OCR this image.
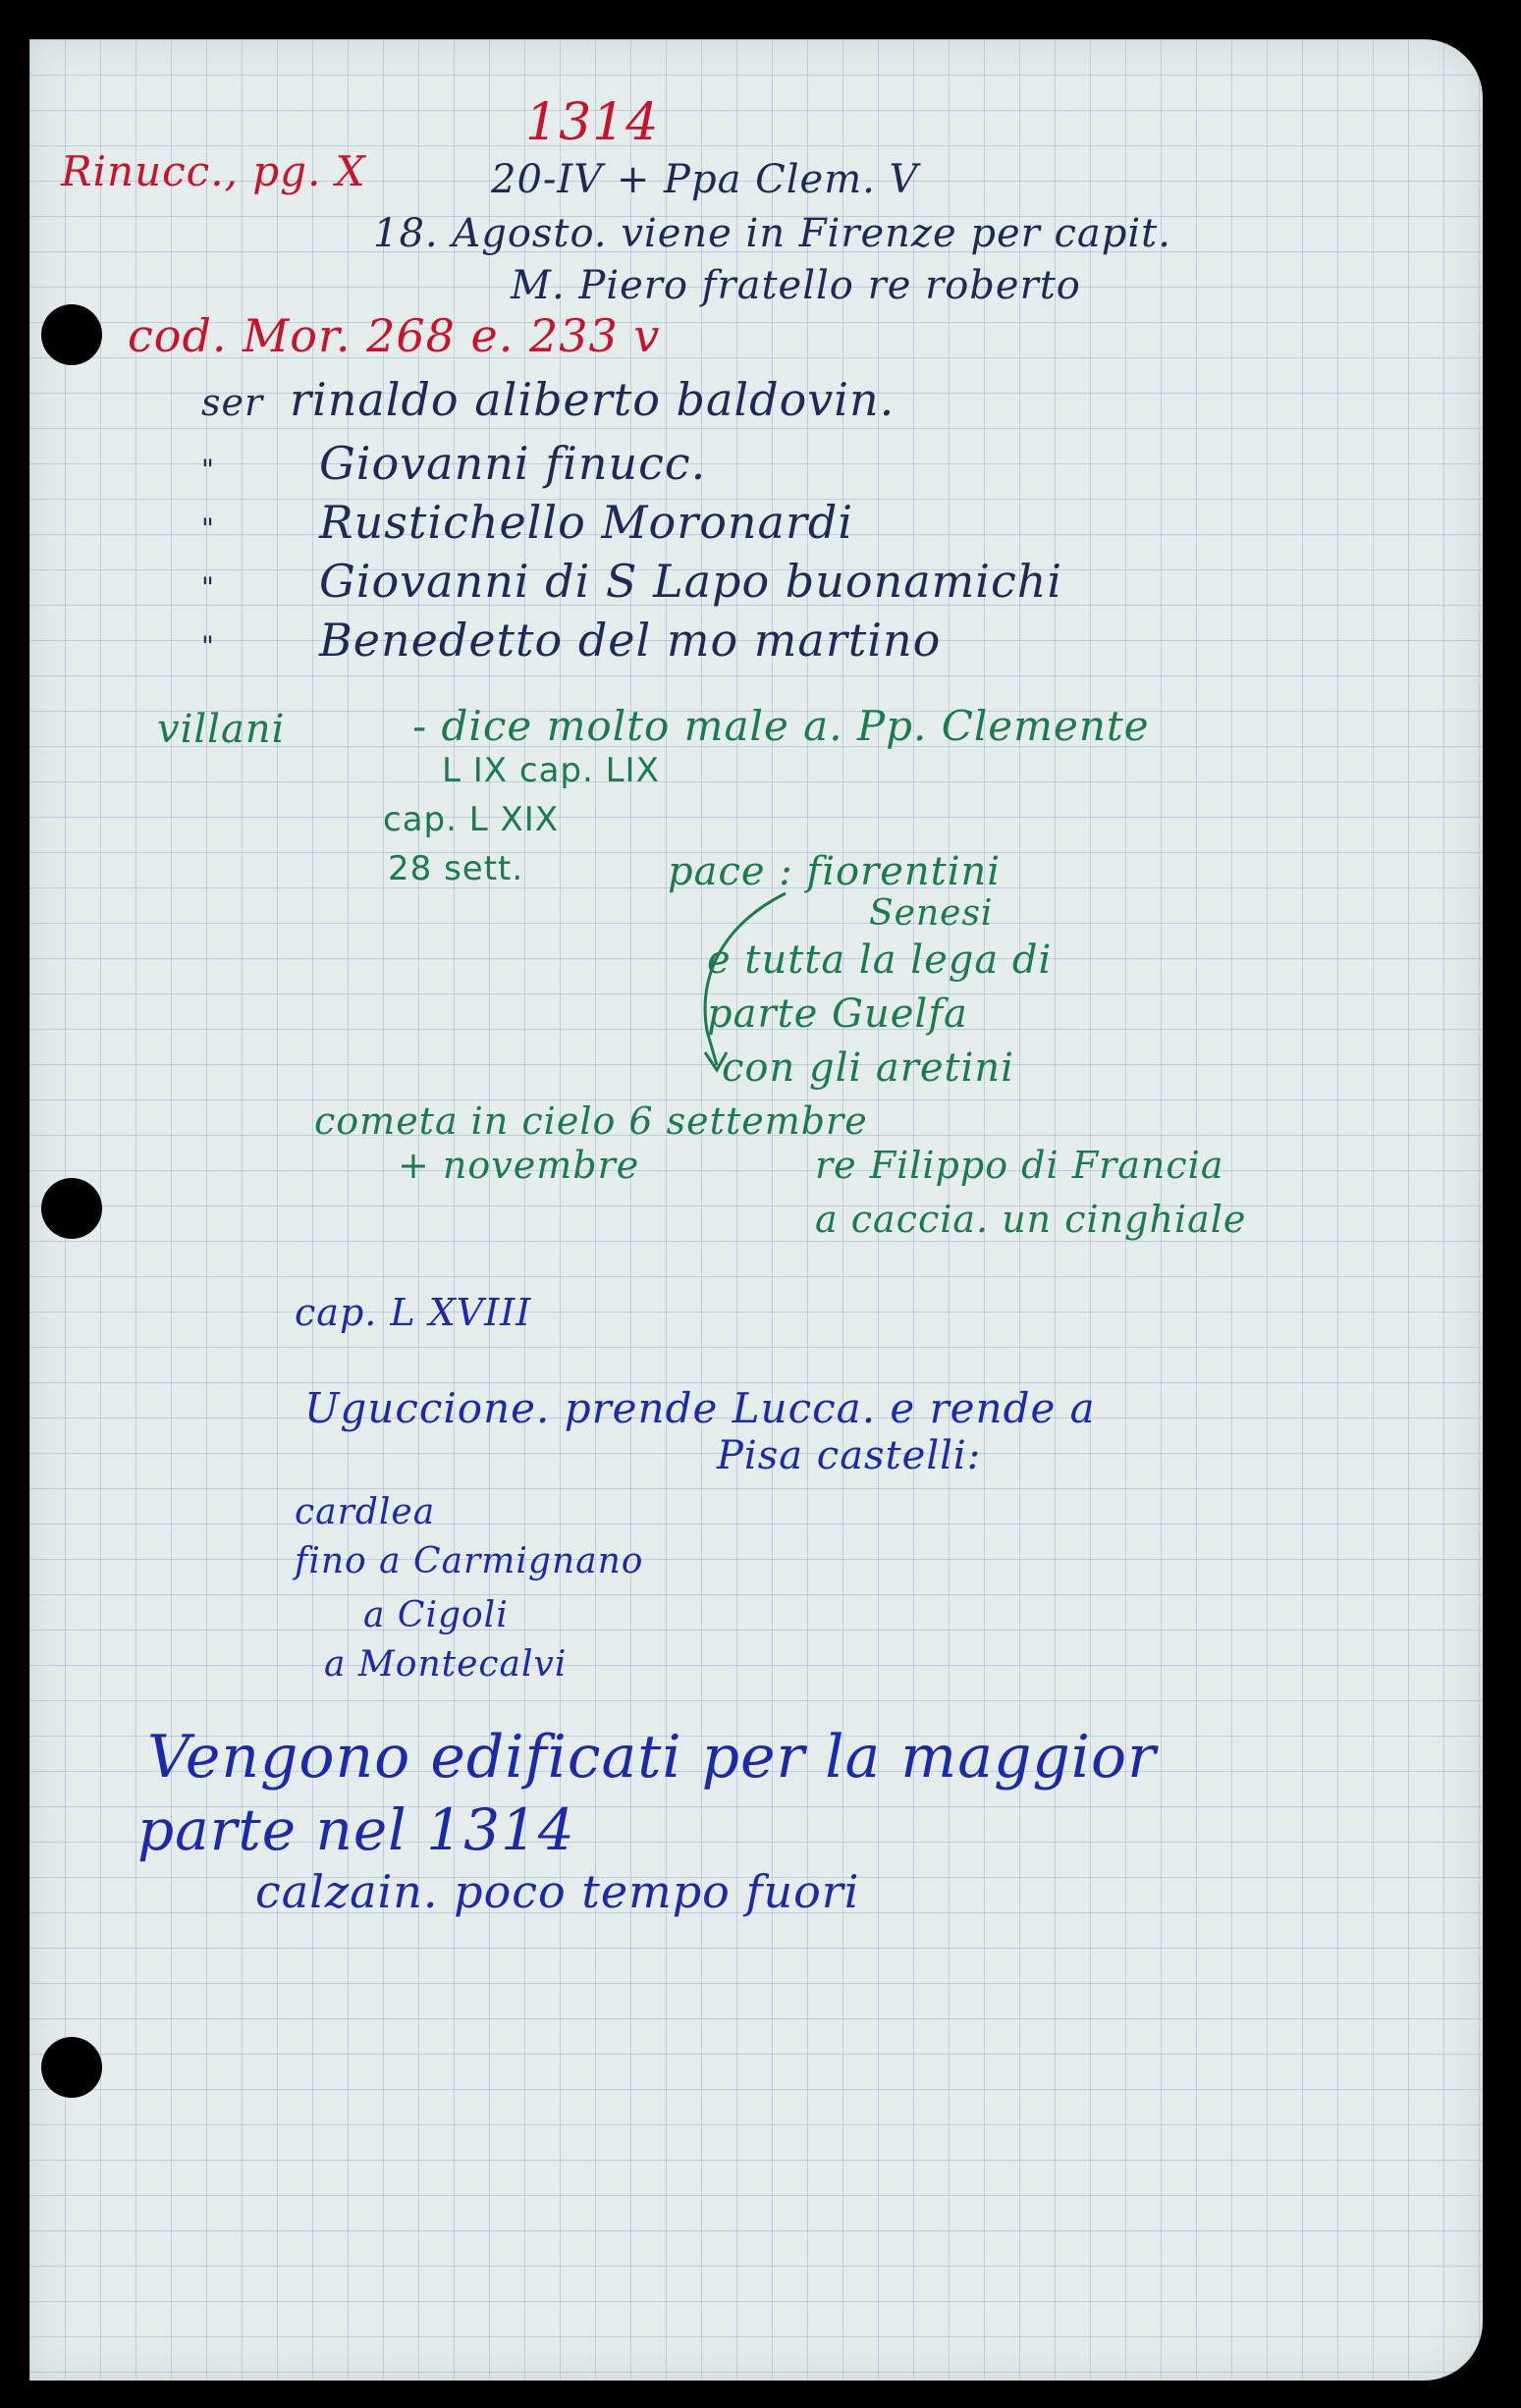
1314
Rinucc., pg. X	20-IV + Ppa Clem. V
18. Agosto. viene in Firenze per capit.
M. Piero fratello re roberto
cod. Mor. 268 e. 233 v
ser rinaldo aliberto baldovin.
" Giovanni finucc.
" Rustichello Moronardi
" Giovanni di S Lapo buonamichi
" Benedetto del mo martino
villani	- dice molto male a. Pp. Clemente
L IX cap. LIX
cap. L XIX
28 sett.	pace : fiorentini
Senesi
e tutta la lega di
parte Guelfa
con gli aretini
cometa in cielo 6 settembre
+ novembre	re Filippo di Francia
a caccia. un cinghiale
cap. L XVIII
Uguccione. prende Lucca. e rende a
Pisa castelli:
cardlea
fino a Carmignano
a Cigoli
a Montecalvi
Vengono edificati per la maggior
parte nel 1314
calzain. poco tempo fuori
